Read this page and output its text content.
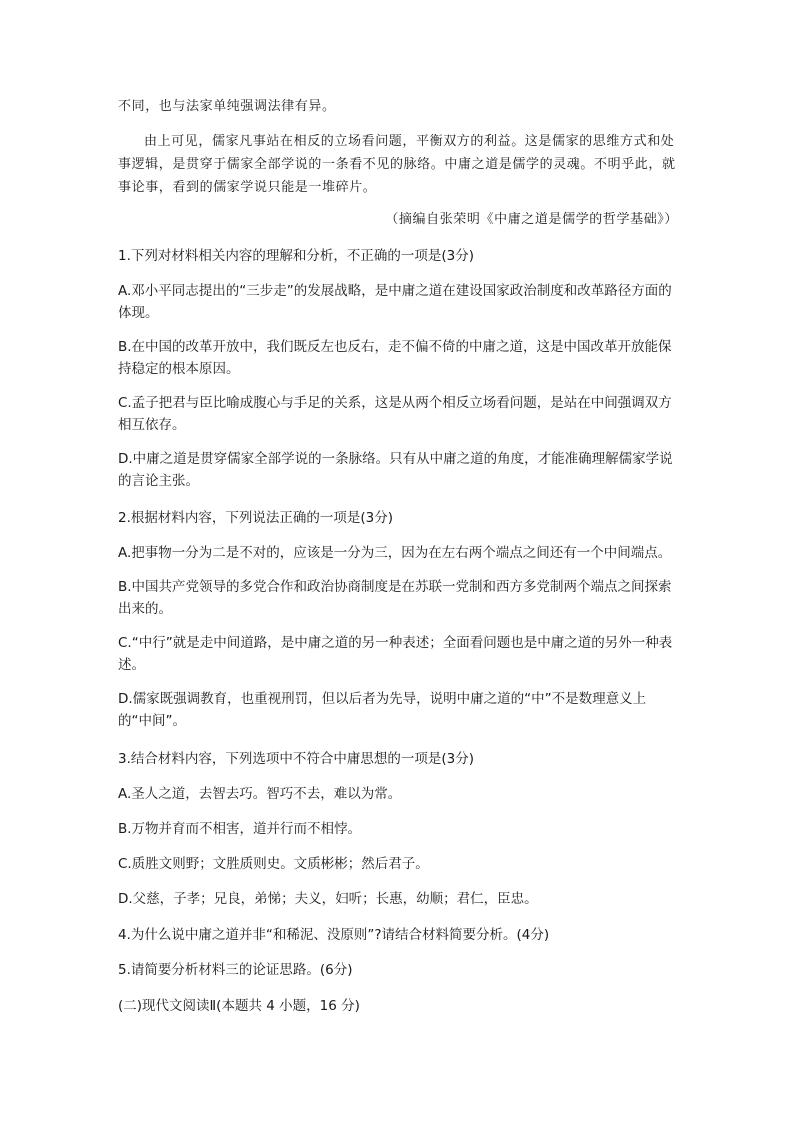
不同，也与法家单纯强调法律有异。

由上可见，儒家凡事站在相反的立场看问题，平衡双方的利益。这是儒家的思维方式和处事逻辑，是贯穿于儒家全部学说的一条看不见的脉络。中庸之道是儒学的灵魂。不明乎此，就事论事，看到的儒家学说只能是一堆碎片。

（摘编自张荣明《中庸之道是儒学的哲学基础》）

1.下列对材料相关内容的理解和分析，不正确的一项是(3分)

A.邓小平同志提出的“三步走”的发展战略，是中庸之道在建设国家政治制度和改革路径方面的体现。

B.在中国的改革开放中，我们既反左也反右，走不偏不倚的中庸之道，这是中国改革开放能保持稳定的根本原因。

C.孟子把君与臣比喻成腹心与手足的关系，这是从两个相反立场看问题，是站在中间强调双方相互依存。

D.中庸之道是贯穿儒家全部学说的一条脉络。只有从中庸之道的角度，才能准确理解儒家学说的言论主张。

2.根据材料内容，下列说法正确的一项是(3分)

A.把事物一分为二是不对的，应该是一分为三，因为在左右两个端点之间还有一个中间端点。

B.中国共产党领导的多党合作和政治协商制度是在苏联一党制和西方多党制两个端点之间探索出来的。

C.“中行”就是走中间道路，是中庸之道的另一种表述；全面看问题也是中庸之道的另外一种表述。

D.儒家既强调教育，也重视刑罚，但以后者为先导，说明中庸之道的“中”不是数理意义上的“中间”。

3.结合材料内容，下列选项中不符合中庸思想的一项是(3分)

A.圣人之道，去智去巧。智巧不去，难以为常。

B.万物并育而不相害，道并行而不相悖。

C.质胜文则野；文胜质则史。文质彬彬；然后君子。

D.父慈，子孝；兄良，弟悌；夫义，妇听；长惠，幼顺；君仁，臣忠。

4.为什么说中庸之道并非“和稀泥、没原则”?请结合材料简要分析。(4分)

5.请简要分析材料三的论证思路。(6分)

(二)现代文阅读Ⅱ(本题共 4 小题，16 分)
